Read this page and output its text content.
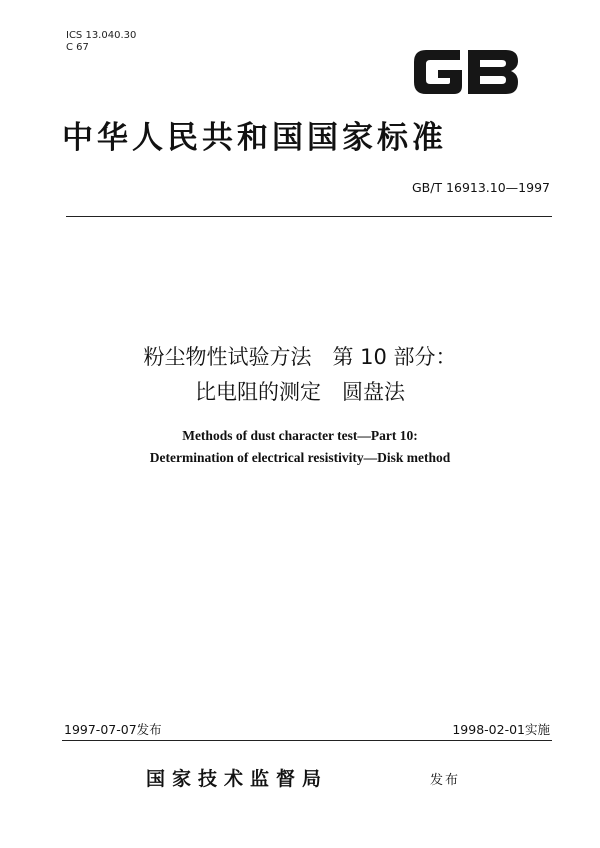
ICS 13.040.30
C 67
中华人民共和国国家标准
GB/T 16913.10—1997
粉尘物性试验方法　第 10 部分：
比电阻的测定　圆盘法
Methods of dust character test—Part 10:
Determination of electrical resistivity—Disk method
1997-07-07发布	1998-02-01实施
国家技术监督局	发布
